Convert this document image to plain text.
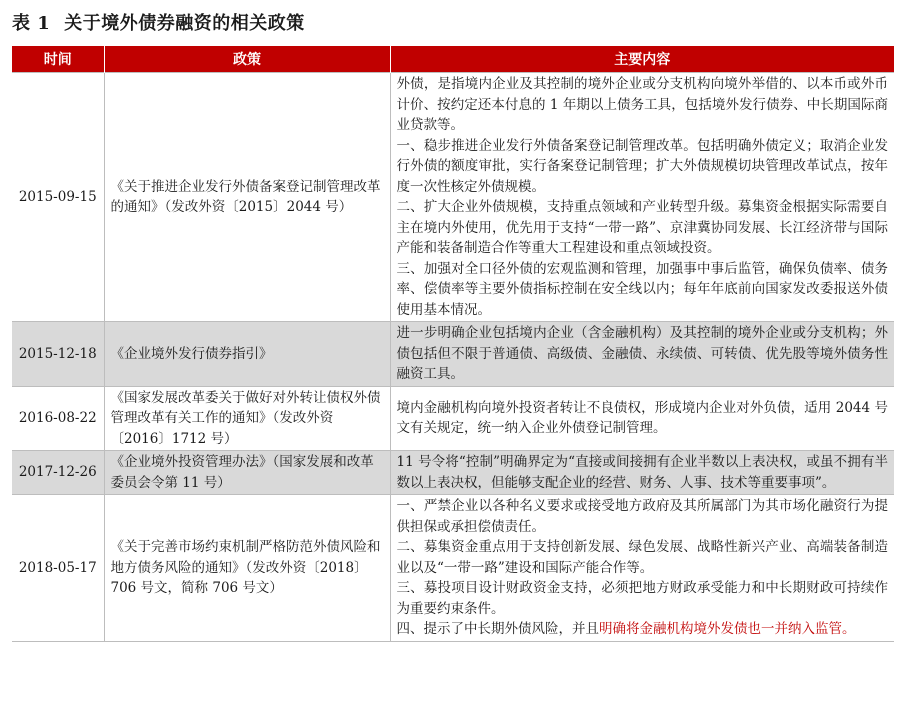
表 1 关于境外债券融资的相关政策
时间	政策	主要内容
2015-09-15	《关于推进企业发行外债备案登记制管理改革的通知》（发改外资〔2015〕2044 号）	外债，是指境内企业及其控制的境外企业或分支机构向境外举借的、以本币或外币计价、按约定还本付息的 1 年期以上债务工具，包括境外发行债券、中长期国际商业贷款等。

一、稳步推进企业发行外债备案登记制管理改革。包括明确外债定义；取消企业发行外债的额度审批，实行备案登记制管理；扩大外债规模切块管理改革试点，按年度一次性核定外债规模。

二、扩大企业外债规模，支持重点领域和产业转型升级。募集资金根据实际需要自主在境内外使用，优先用于支持“一带一路”、京津冀协同发展、长江经济带与国际产能和装备制造合作等重大工程建设和重点领域投资。

三、加强对全口径外债的宏观监测和管理，加强事中事后监管，确保负债率、债务率、偿债率等主要外债指标控制在安全线以内；每年年底前向国家发改委报送外债使用基本情况。

2015-12-18	《企业境外发行债券指引》	进一步明确企业包括境内企业（含金融机构）及其控制的境外企业或分支机构；外债包括但不限于普通债、高级债、金融债、永续债、可转债、优先股等境外债务性融资工具。

2016-08-22	《国家发展改革委关于做好对外转让债权外债管理改革有关工作的通知》（发改外资〔2016〕1712 号）	境内金融机构向境外投资者转让不良债权，形成境内企业对外负债，适用 2044 号文有关规定，统一纳入企业外债登记制管理。

2017-12-26	《企业境外投资管理办法》（国家发展和改革委员会令第 11 号）	11 号令将“控制”明确界定为“直接或间接拥有企业半数以上表决权，或虽不拥有半数以上表决权，但能够支配企业的经营、财务、人事、技术等重要事项”。

2018-05-17	《关于完善市场约束机制严格防范外债风险和地方债务风险的通知》（发改外资〔2018〕706 号文，简称 706 号文）	一、严禁企业以各种名义要求或接受地方政府及其所属部门为其市场化融资行为提供担保或承担偿债责任。

二、募集资金重点用于支持创新发展、绿色发展、战略性新兴产业、高端装备制造业以及“一带一路”建设和国际产能合作等。

三、募投项目设计财政资金支持，必须把地方财政承受能力和中长期财政可持续作为重要约束条件。

四、提示了中长期外债风险，并且明确将金融机构境外发债也一并纳入监管。
